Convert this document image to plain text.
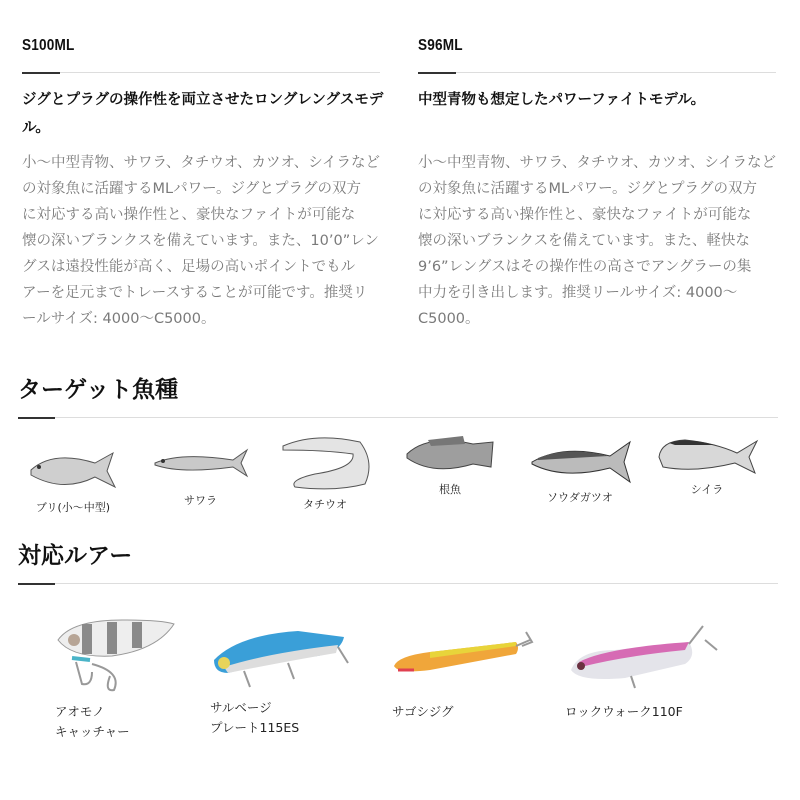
S100ML
ジグとプラグの操作性を両立させたロングレングスモデル。
小〜中型青物、サワラ、タチウオ、カツオ、シイラなど
の対象魚に活躍するMLパワー。ジグとプラグの双方
に対応する高い操作性と、豪快なファイトが可能な
懐の深いブランクスを備えています。また、10’0”レン
グスは遠投性能が高く、足場の高いポイントでもル
アーを足元までトレースすることが可能です。推奨リ
ールサイズ: 4000〜C5000。
S96ML
中型青物も想定したパワーファイトモデル。
小〜中型青物、サワラ、タチウオ、カツオ、シイラなど
の対象魚に活躍するMLパワー。ジグとプラグの双方
に対応する高い操作性と、豪快なファイトが可能な
懐の深いブランクスを備えています。また、軽快な
9’6”レングスはその操作性の高さでアングラーの集
中力を引き出します。推奨リールサイズ: 4000〜
C5000。
ターゲット魚種
ブリ(小〜中型)
サワラ	タチウオ
根魚
ソウダガツオ
シイラ
対応ルアー
アオモノ
キャッチャー
サルベージ
プレート115ES
サゴシジグ	ロックウォーク110F
